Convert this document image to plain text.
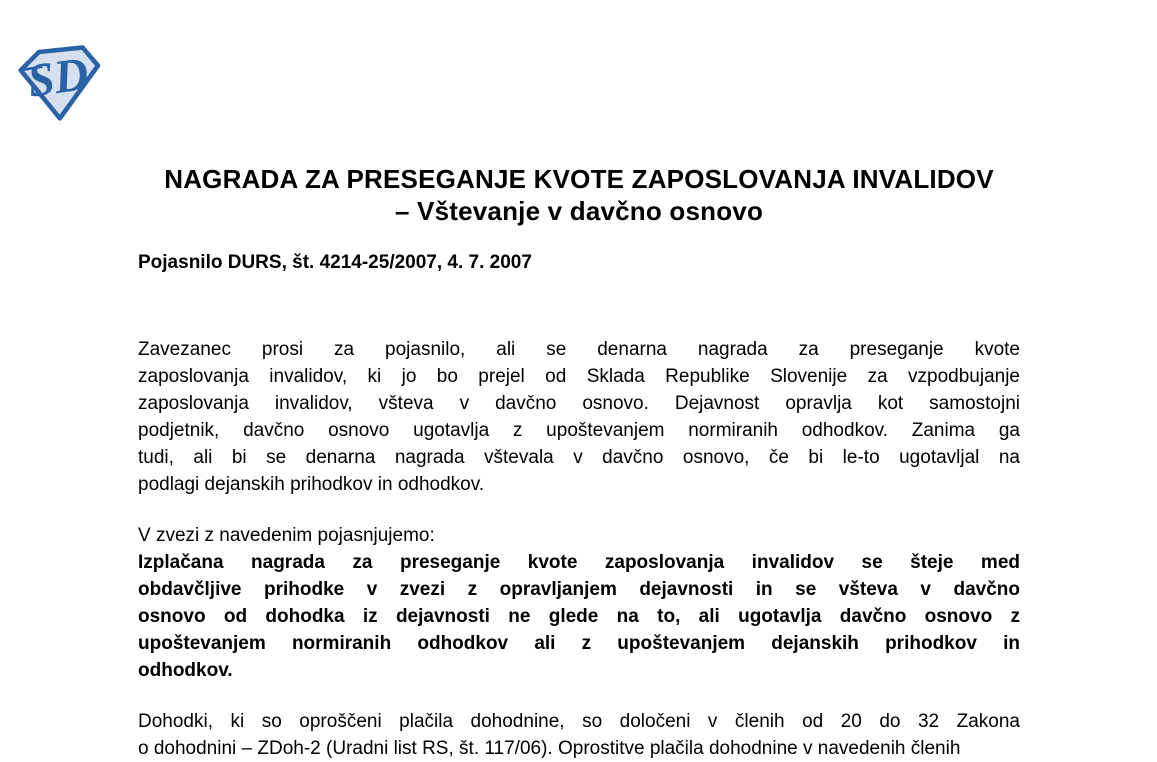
SD
NAGRADA ZA PRESEGANJE KVOTE ZAPOSLOVANJA INVALIDOV
– Vštevanje v davčno osnovo
Pojasnilo DURS, št. 4214-25/2007, 4. 7. 2007
Zavezanec prosi za pojasnilo, ali se denarna nagrada za preseganje kvote
zaposlovanja invalidov, ki jo bo prejel od Sklada Republike Slovenije za vzpodbujanje
zaposlovanja invalidov, všteva v davčno osnovo. Dejavnost opravlja kot samostojni
podjetnik, davčno osnovo ugotavlja z upoštevanjem normiranih odhodkov. Zanima ga
tudi, ali bi se denarna nagrada vštevala v davčno osnovo, če bi le-to ugotavljal na
podlagi dejanskih prihodkov in odhodkov.
V zvezi z navedenim pojasnjujemo:
Izplačana nagrada za preseganje kvote zaposlovanja invalidov se šteje med
obdavčljive prihodke v zvezi z opravljanjem dejavnosti in se všteva v davčno
osnovo od dohodka iz dejavnosti ne glede na to, ali ugotavlja davčno osnovo z
upoštevanjem normiranih odhodkov ali z upoštevanjem dejanskih prihodkov in
odhodkov.
Dohodki, ki so oproščeni plačila dohodnine, so določeni v členih od 20 do 32 Zakona
o dohodnini – ZDoh-2 (Uradni list RS, št. 117/06). Oprostitve plačila dohodnine v navedenih členih
